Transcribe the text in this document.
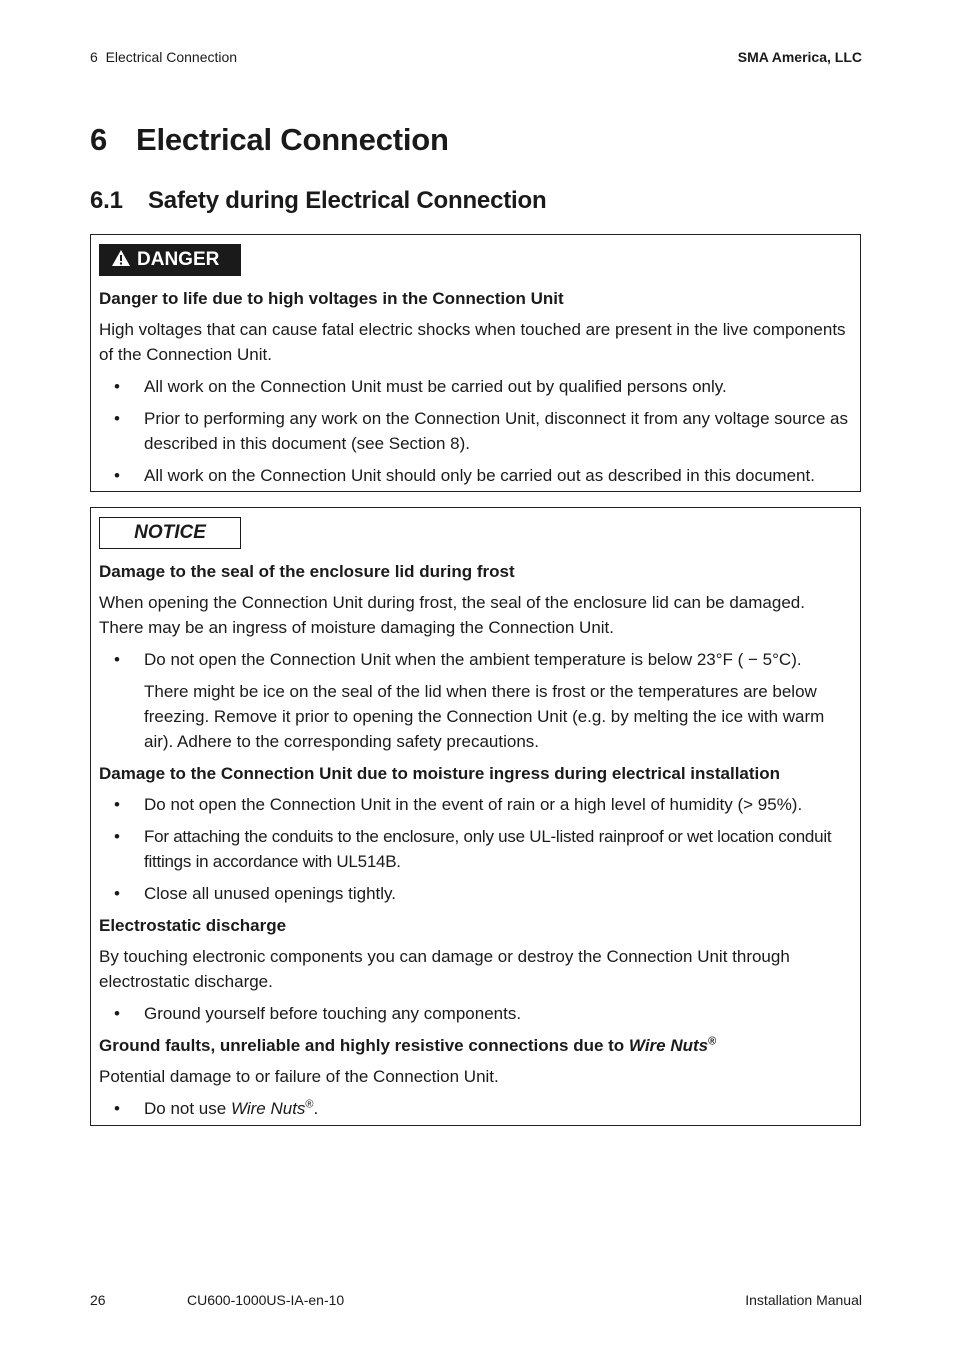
6  Electrical Connection	SMA America, LLC
6 Electrical Connection
6.1 Safety during Electrical Connection
DANGER

Danger to life due to high voltages in the Connection Unit

High voltages that can cause fatal electric shocks when touched are present in the live components of the Connection Unit.

• All work on the Connection Unit must be carried out by qualified persons only.
• Prior to performing any work on the Connection Unit, disconnect it from any voltage source as described in this document (see Section 8).
• All work on the Connection Unit should only be carried out as described in this document.
NOTICE

Damage to the seal of the enclosure lid during frost

When opening the Connection Unit during frost, the seal of the enclosure lid can be damaged. There may be an ingress of moisture damaging the Connection Unit.

• Do not open the Connection Unit when the ambient temperature is below 23°F ( − 5°C).

There might be ice on the seal of the lid when there is frost or the temperatures are below freezing. Remove it prior to opening the Connection Unit (e.g. by melting the ice with warm air). Adhere to the corresponding safety precautions.

Damage to the Connection Unit due to moisture ingress during electrical installation

• Do not open the Connection Unit in the event of rain or a high level of humidity (> 95%).
• For attaching the conduits to the enclosure, only use UL-listed rainproof or wet location conduit fittings in accordance with UL514B.
• Close all unused openings tightly.

Electrostatic discharge

By touching electronic components you can damage or destroy the Connection Unit through electrostatic discharge.

• Ground yourself before touching any components.

Ground faults, unreliable and highly resistive connections due to Wire Nuts®

Potential damage to or failure of the Connection Unit.

• Do not use Wire Nuts®.
26	CU600-1000US-IA-en-10	Installation Manual
